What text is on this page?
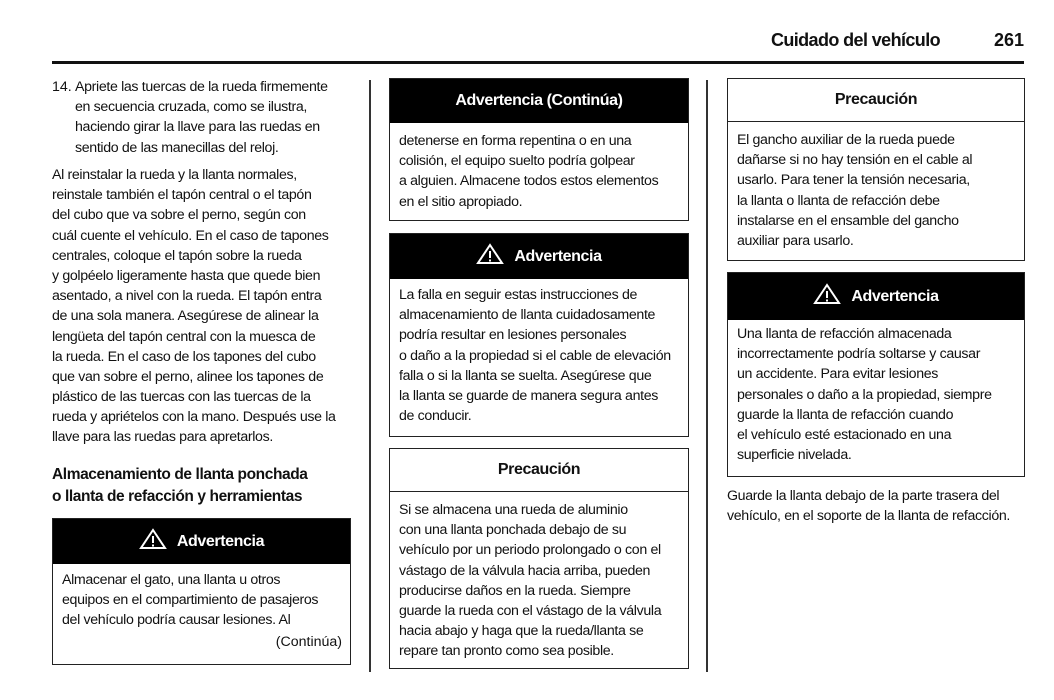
Cuidado del vehículo	261
14. Apriete las tuercas de la rueda firmemente
en secuencia cruzada, como se ilustra,
haciendo girar la llave para las ruedas en
sentido de las manecillas del reloj.
Al reinstalar la rueda y la llanta normales,
reinstale también el tapón central o el tapón
del cubo que va sobre el perno, según con
cuál cuente el vehículo. En el caso de tapones
centrales, coloque el tapón sobre la rueda
y golpéelo ligeramente hasta que quede bien
asentado, a nivel con la rueda. El tapón entra
de una sola manera. Asegúrese de alinear la
lengüeta del tapón central con la muesca de
la rueda. En el caso de los tapones del cubo
que van sobre el perno, alinee los tapones de
plástico de las tuercas con las tuercas de la
rueda y apriételos con la mano. Después use la
llave para las ruedas para apretarlos.
Almacenamiento de llanta ponchada
o llanta de refacción y herramientas
Advertencia
Almacenar el gato, una llanta u otros
equipos en el compartimiento de pasajeros
del vehículo podría causar lesiones. Al
(Continúa)
Advertencia (Continúa)
detenerse en forma repentina o en una
colisión, el equipo suelto podría golpear
a alguien. Almacene todos estos elementos
en el sitio apropiado.
Advertencia
La falla en seguir estas instrucciones de
almacenamiento de llanta cuidadosamente
podría resultar en lesiones personales
o daño a la propiedad si el cable de elevación
falla o si la llanta se suelta. Asegúrese que
la llanta se guarde de manera segura antes
de conducir.
Precaución
Si se almacena una rueda de aluminio
con una llanta ponchada debajo de su
vehículo por un periodo prolongado o con el
vástago de la válvula hacia arriba, pueden
producirse daños en la rueda. Siempre
guarde la rueda con el vástago de la válvula
hacia abajo y haga que la rueda/llanta se
repare tan pronto como sea posible.
Precaución
El gancho auxiliar de la rueda puede
dañarse si no hay tensión en el cable al
usarlo. Para tener la tensión necesaria,
la llanta o llanta de refacción debe
instalarse en el ensamble del gancho
auxiliar para usarlo.
Advertencia
Una llanta de refacción almacenada
incorrectamente podría soltarse y causar
un accidente. Para evitar lesiones
personales o daño a la propiedad, siempre
guarde la llanta de refacción cuando
el vehículo esté estacionado en una
superficie nivelada.
Guarde la llanta debajo de la parte trasera del
vehículo, en el soporte de la llanta de refacción.
